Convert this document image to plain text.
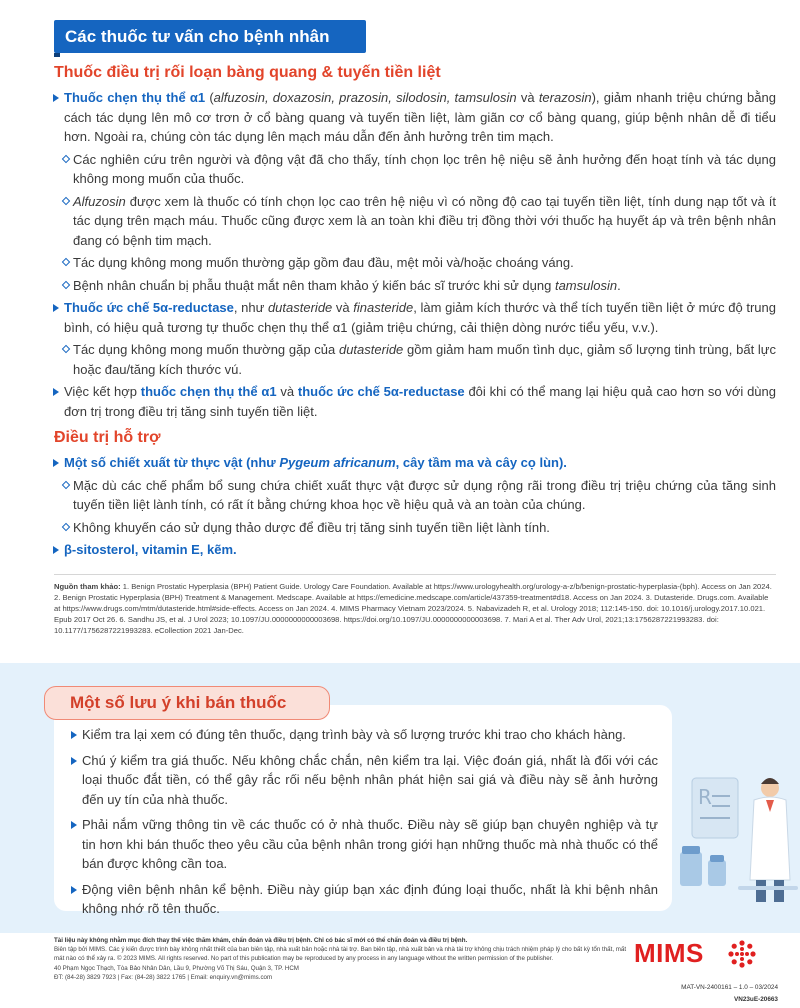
Các thuốc tư vấn cho bệnh nhân
Thuốc điều trị rối loạn bàng quang & tuyến tiền liệt
Thuốc chẹn thụ thể α1 (alfuzosin, doxazosin, prazosin, silodosin, tamsulosin và terazosin), giảm nhanh triệu chứng bằng cách tác dụng lên mô cơ trơn ở cổ bàng quang và tuyến tiền liệt, làm giãn cơ cổ bàng quang, giúp bệnh nhân dễ đi tiểu hơn. Ngoài ra, chúng còn tác dụng lên mạch máu dẫn đến ảnh hưởng trên tim mạch.
Các nghiên cứu trên người và động vật đã cho thấy, tính chọn lọc trên hệ niệu sẽ ảnh hưởng đến hoạt tính và tác dụng không mong muốn của thuốc.
Alfuzosin được xem là thuốc có tính chọn lọc cao trên hệ niệu vì có nồng độ cao tại tuyến tiền liệt, tính dung nạp tốt và ít tác dụng trên mạch máu. Thuốc cũng được xem là an toàn khi điều trị đồng thời với thuốc hạ huyết áp và trên bệnh nhân đang có bệnh tim mạch.
Tác dụng không mong muốn thường gặp gồm đau đầu, mệt mỏi và/hoặc choáng váng.
Bệnh nhân chuẩn bị phẫu thuật mắt nên tham khảo ý kiến bác sĩ trước khi sử dụng tamsulosin.
Thuốc ức chế 5α-reductase, như dutasteride và finasteride, làm giảm kích thước và thể tích tuyến tiền liệt ở mức độ trung bình, có hiệu quả tương tự thuốc chẹn thụ thể α1 (giảm triệu chứng, cải thiện dòng nước tiểu yếu, v.v.).
Tác dụng không mong muốn thường gặp của dutasteride gồm giảm ham muốn tình dục, giảm số lượng tinh trùng, bất lực hoặc đau/tăng kích thước vú.
Việc kết hợp thuốc chẹn thụ thể α1 và thuốc ức chế 5α-reductase đôi khi có thể mang lại hiệu quả cao hơn so với dùng đơn trị trong điều trị tăng sinh tuyến tiền liệt.
Điều trị hỗ trợ
Một số chiết xuất từ thực vật (như Pygeum africanum, cây tầm ma và cây cọ lùn).
Mặc dù các chế phẩm bổ sung chứa chiết xuất thực vật được sử dụng rộng rãi trong điều trị triệu chứng của tăng sinh tuyến tiền liệt lành tính, có rất ít bằng chứng khoa học về hiệu quả và an toàn của chúng.
Không khuyến cáo sử dụng thảo dược để điều trị tăng sinh tuyến tiền liệt lành tính.
β-sitosterol, vitamin E, kẽm.
Nguồn tham khảo: 1. Benign Prostatic Hyperplasia (BPH) Patient Guide. Urology Care Foundation. Available at https://www.urologyhealth.org/urology-a-z/b/benign-prostatic-hyperplasia-(bph). Access on Jan 2024. 2. Benign Prostatic Hyperplasia (BPH) Treatment & Management. Medscape. Available at https://emedicine.medscape.com/article/437359-treatment#d18. Access on Jan 2024. 3. Dutasteride. Drugs.com. Available at https://www.drugs.com/mtm/dutasteride.html#side-effects. Access on Jan 2024. 4. MIMS Pharmacy Vietnam 2023/2024. 5. Nabavizadeh R, et al. Urology 2018; 112:145-150. doi: 10.1016/j.urology.2017.10.021. Epub 2017 Oct 26. 6. Sandhu JS, et al. J Urol 2023; 10.1097/JU.0000000000003698. https://doi.org/10.1097/JU.0000000000003698. 7. Mari A et al. Ther Adv Urol, 2021;13:1756287221993283. doi: 10.1177/1756287221993283. eCollection 2021 Jan-Dec.
Một số lưu ý khi bán thuốc
Kiểm tra lại xem có đúng tên thuốc, dạng trình bày và số lượng trước khi trao cho khách hàng.
Chú ý kiểm tra giá thuốc. Nếu không chắc chắn, nên kiểm tra lại. Việc đoán giá, nhất là đối với các loại thuốc đắt tiền, có thể gây rắc rối nếu bệnh nhân phát hiện sai giá và điều này sẽ ảnh hưởng đến uy tín của nhà thuốc.
Phải nắm vững thông tin về các thuốc có ở nhà thuốc. Điều này sẽ giúp bạn chuyên nghiệp và tự tin hơn khi bán thuốc theo yêu cầu của bệnh nhân trong giới hạn những thuốc mà nhà thuốc có thể bán được không cần toa.
Động viên bệnh nhân kể bệnh. Điều này giúp bạn xác định đúng loại thuốc, nhất là khi bệnh nhân không nhớ rõ tên thuốc.
R
Tài liệu này không nhằm mục đích thay thế việc thăm khám, chẩn đoán và điều trị bệnh. Chỉ có bác sĩ mới có thể chẩn đoán và điều trị bệnh.
Biên tập bởi MIMS. Các ý kiến được trình bày không nhất thiết của ban biên tập, nhà xuất bản hoặc nhà tài trợ. Ban biên tập, nhà xuất bản và nhà tài trợ không chịu trách nhiệm pháp lý cho bất kỳ tổn thất, mất mát nào có thể xảy ra. © 2023 MIMS. All rights reserved. No part of this publication may be reproduced by any process in any language without the written permission of the publisher.
40 Phạm Ngọc Thạch, Tòa Bảo Nhân Dân, Lầu 9, Phường Võ Thị Sáu, Quận 3, TP. HCM
ĐT: (84-28) 3829 7923 | Fax: (84-28) 3822 1765 | Email: enquiry.vn@mims.com
MIMS
MAT-VN-2400161 – 1.0 – 03/2024
VN23uE-20663
